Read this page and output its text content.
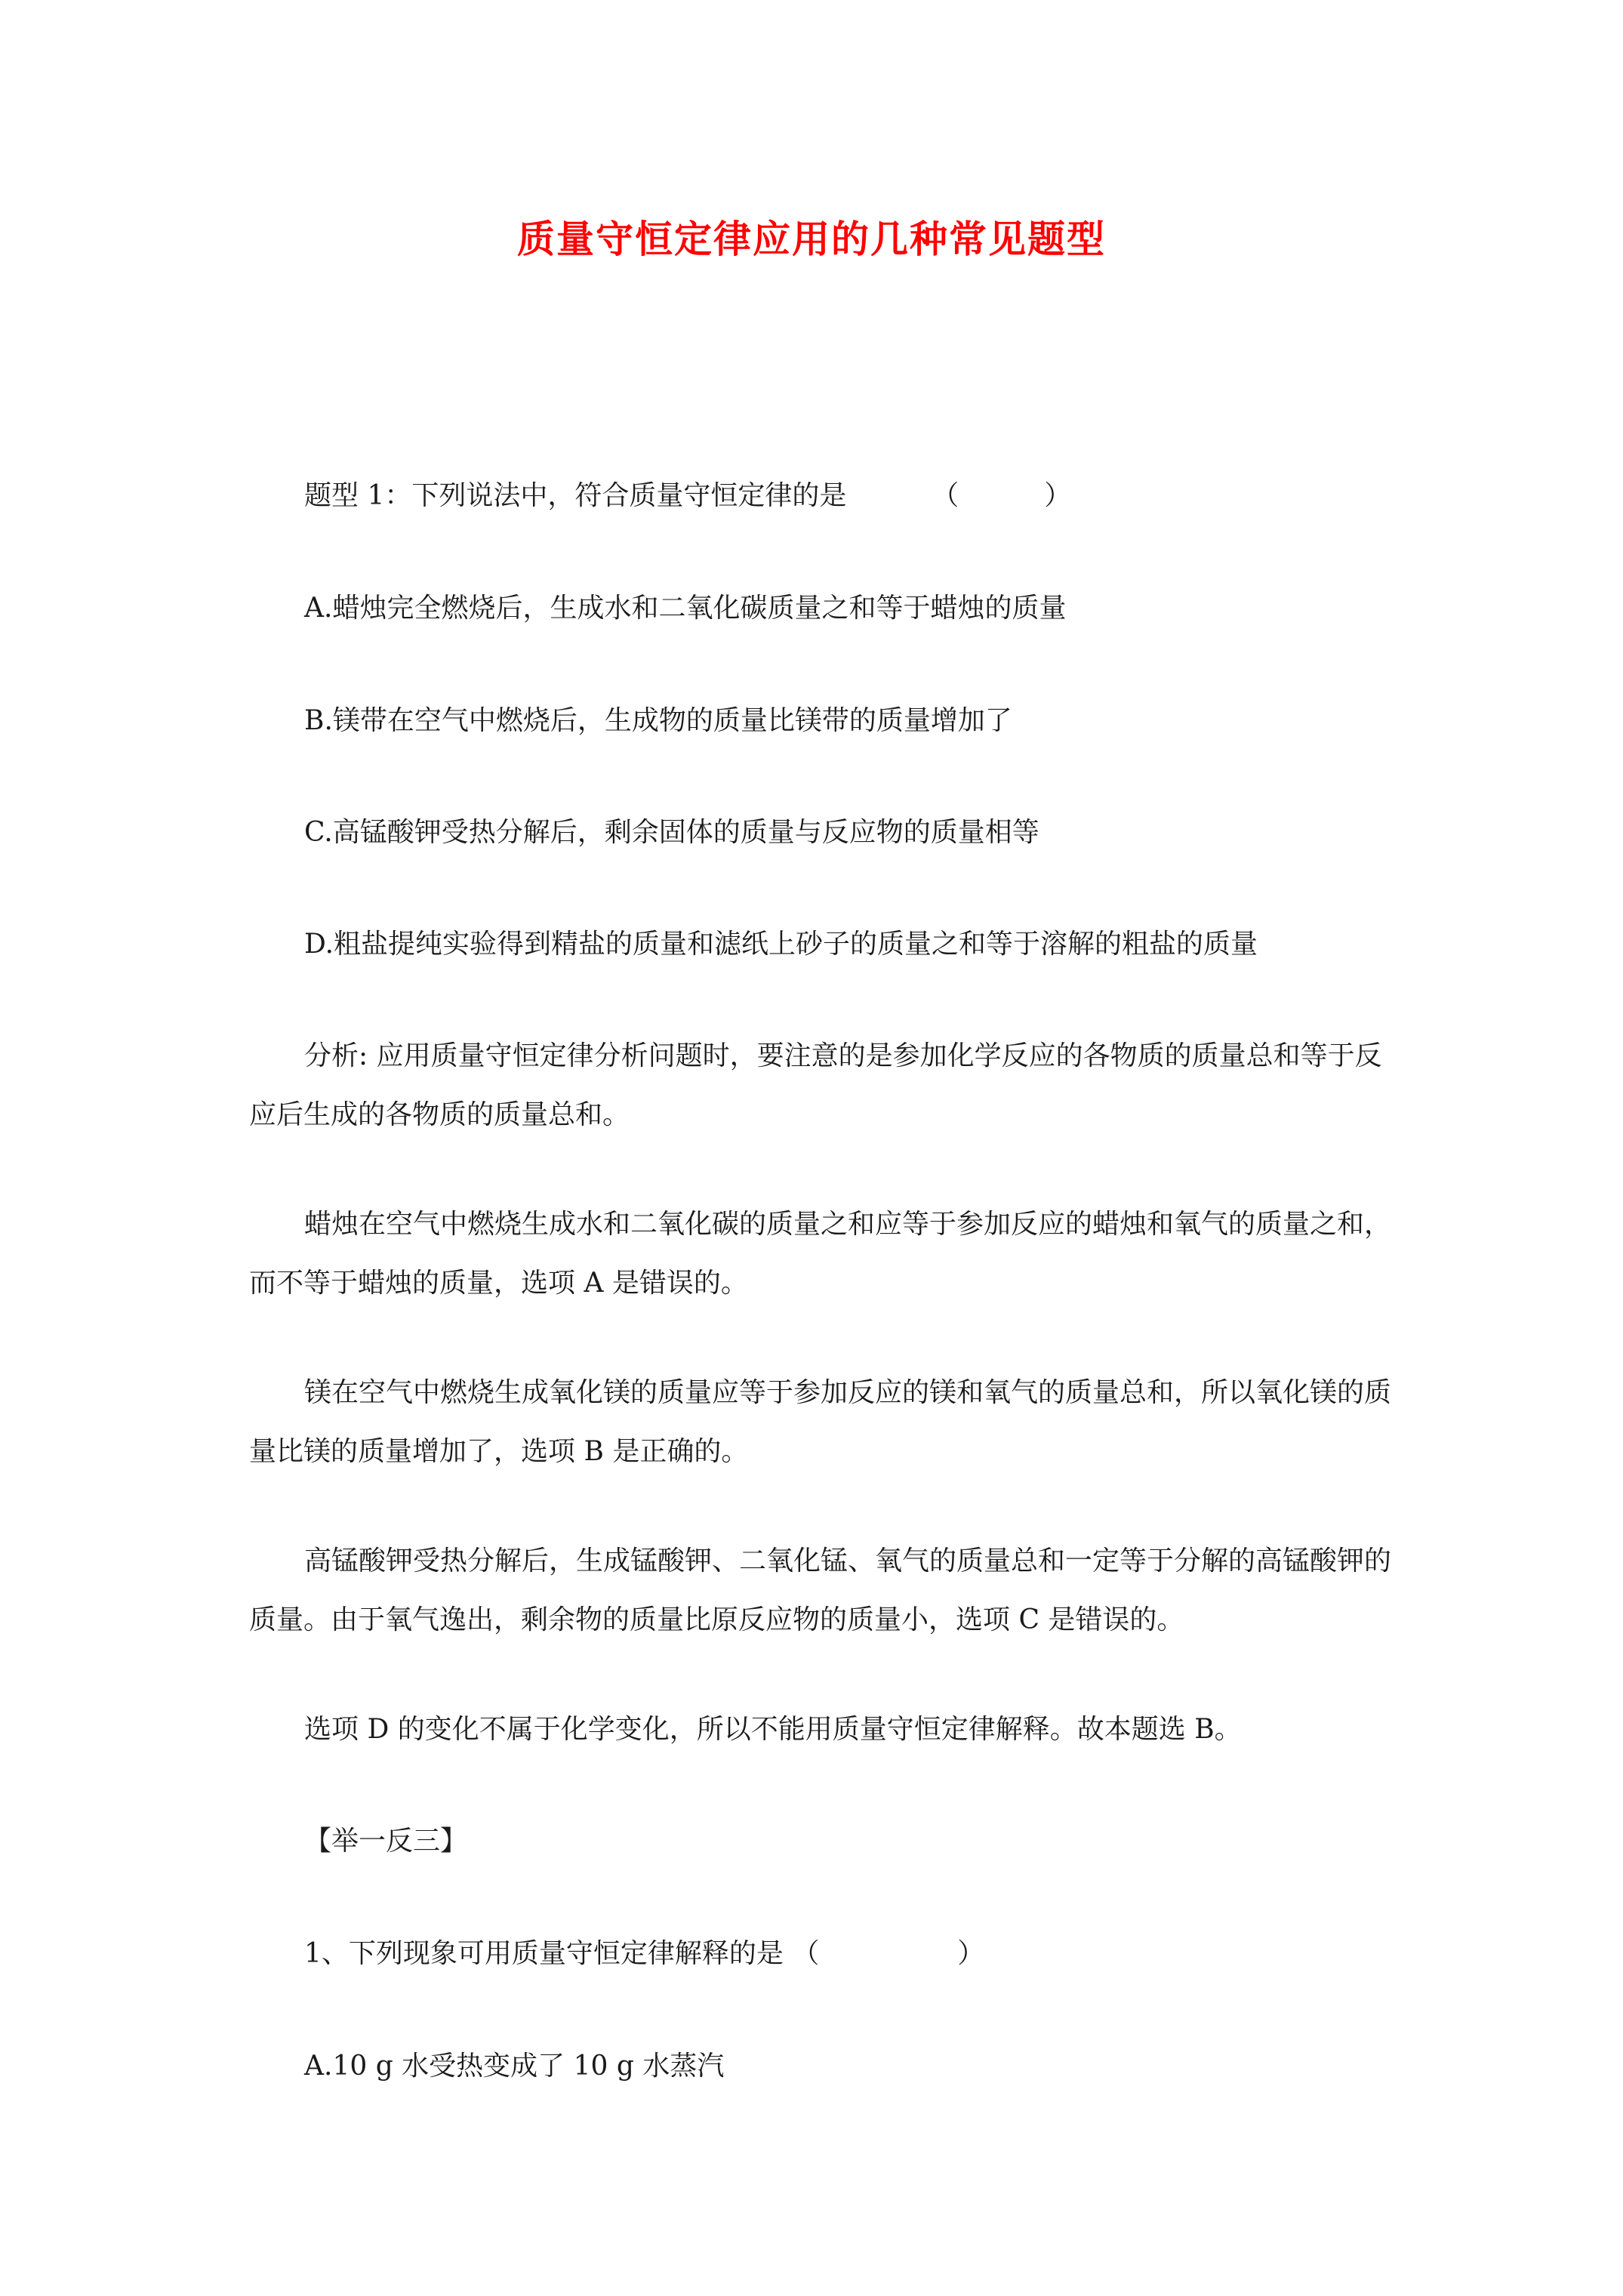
质量守恒定律应用的几种常见题型
题型 1：下列说法中，符合质量守恒定律的是	（	）
A.蜡烛完全燃烧后，生成水和二氧化碳质量之和等于蜡烛的质量
B.镁带在空气中燃烧后，生成物的质量比镁带的质量增加了
C.高锰酸钾受热分解后，剩余固体的质量与反应物的质量相等
D.粗盐提纯实验得到精盐的质量和滤纸上砂子的质量之和等于溶解的粗盐的质量
分析: 应用质量守恒定律分析问题时，要注意的是参加化学反应的各物质的质量总和等于反应后生成的各物质的质量总和。
蜡烛在空气中燃烧生成水和二氧化碳的质量之和应等于参加反应的蜡烛和氧气的质量之和，而不等于蜡烛的质量，选项 A 是错误的。
镁在空气中燃烧生成氧化镁的质量应等于参加反应的镁和氧气的质量总和，所以氧化镁的质量比镁的质量增加了，选项 B 是正确的。
高锰酸钾受热分解后，生成锰酸钾、二氧化锰、氧气的质量总和一定等于分解的高锰酸钾的质量。由于氧气逸出，剩余物的质量比原反应物的质量小，选项 C 是错误的。
选项 D 的变化不属于化学变化，所以不能用质量守恒定律解释。故本题选 B。
【举一反三】
1、下列现象可用质量守恒定律解释的是 （	）
A.10 g 水受热变成了 10 g 水蒸汽
